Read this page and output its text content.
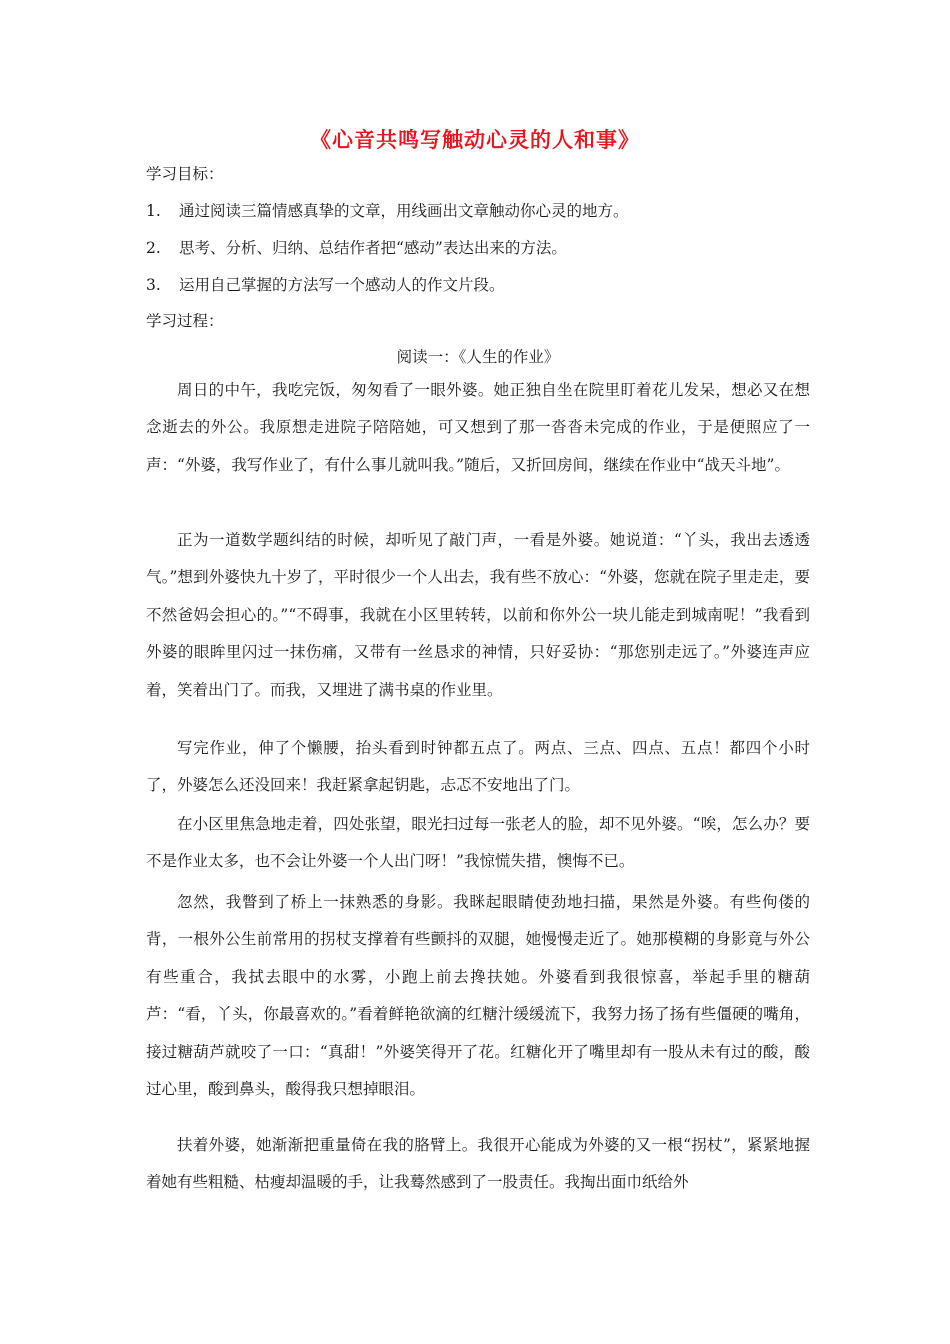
《心音共鸣写触动心灵的人和事》
学习目标：
1. 通过阅读三篇情感真挚的文章，用线画出文章触动你心灵的地方。
2. 思考、分析、归纳、总结作者把“感动”表达出来的方法。
3. 运用自己掌握的方法写一个感动人的作文片段。
学习过程：
阅读一：《人生的作业》
周日的中午，我吃完饭，匆匆看了一眼外婆。她正独自坐在院里盯着花儿发呆，想必又在想念逝去的外公。我原想走进院子陪陪她，可又想到了那一沓沓未完成的作业，于是便照应了一声：“外婆，我写作业了，有什么事儿就叫我。”随后，又折回房间，继续在作业中“战天斗地”。
正为一道数学题纠结的时候，却听见了敲门声，一看是外婆。她说道：“丫头，我出去透透气。”想到外婆快九十岁了，平时很少一个人出去，我有些不放心：“外婆，您就在院子里走走，要不然爸妈会担心的。”“不碍事，我就在小区里转转，以前和你外公一块儿能走到城南呢！”我看到外婆的眼眸里闪过一抹伤痛，又带有一丝恳求的神情，只好妥协：“那您别走远了。”外婆连声应着，笑着出门了。而我，又埋进了满书桌的作业里。
写完作业，伸了个懒腰，抬头看到时钟都五点了。两点、三点、四点、五点！都四个小时了，外婆怎么还没回来！我赶紧拿起钥匙，忐忑不安地出了门。
在小区里焦急地走着，四处张望，眼光扫过每一张老人的脸，却不见外婆。“唉，怎么办？要不是作业太多，也不会让外婆一个人出门呀！”我惊慌失措，懊悔不已。
忽然，我瞥到了桥上一抹熟悉的身影。我眯起眼睛使劲地扫描，果然是外婆。有些佝偻的背，一根外公生前常用的拐杖支撑着有些颤抖的双腿，她慢慢走近了。她那模糊的身影竟与外公有些重合，我拭去眼中的水雾，小跑上前去搀扶她。外婆看到我很惊喜，举起手里的糖葫芦：“看，丫头，你最喜欢的。”看着鲜艳欲滴的红糖汁缓缓流下，我努力扬了扬有些僵硬的嘴角，接过糖葫芦就咬了一口：“真甜！”外婆笑得开了花。红糖化开了嘴里却有一股从未有过的酸，酸过心里，酸到鼻头，酸得我只想掉眼泪。
扶着外婆，她渐渐把重量倚在我的胳臂上。我很开心能成为外婆的又一根“拐杖”，紧紧地握着她有些粗糙、枯瘦却温暖的手，让我蓦然感到了一股责任。我掏出面巾纸给外
